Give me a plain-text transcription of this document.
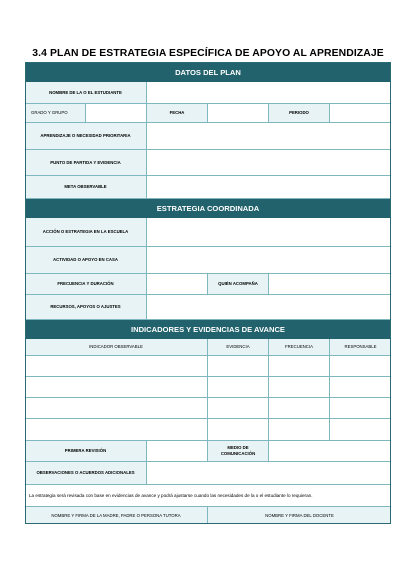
3.4 PLAN DE ESTRATEGIA ESPECÍFICA DE APOYO AL APRENDIZAJE
DATOS DEL PLAN
NOMBRE DE LA O EL ESTUDIANTE
GRADO Y GRUPO	FECHA	PERIODO
APRENDIZAJE O NECESIDAD PRIORITARIA
PUNTO DE PARTIDA Y EVIDENCIA
META OBSERVABLE
ESTRATEGIA COORDINADA
ACCIÓN O ESTRATEGIA EN LA ESCUELA
ACTIVIDAD O APOYO EN CASA
FRECUENCIA Y DURACIÓN	QUIÉN ACOMPAÑA
RECURSOS, APOYOS O AJUSTES
INDICADORES Y EVIDENCIAS DE AVANCE
INDICADOR OBSERVABLE	EVIDENCIA	FRECUENCIA	RESPONSABLE
PRIMERA REVISIÓN
MEDIO DE COMUNICACIÓN
OBSERVACIONES O ACUERDOS ADICIONALES
La estrategia será revisada con base en evidencias de avance y podrá ajustarse cuando las necesidades de la o el estudiante lo requieran.
NOMBRE Y FIRMA DE LA MADRE, PADRE O PERSONA TUTORA	NOMBRE Y FIRMA DEL DOCENTE
